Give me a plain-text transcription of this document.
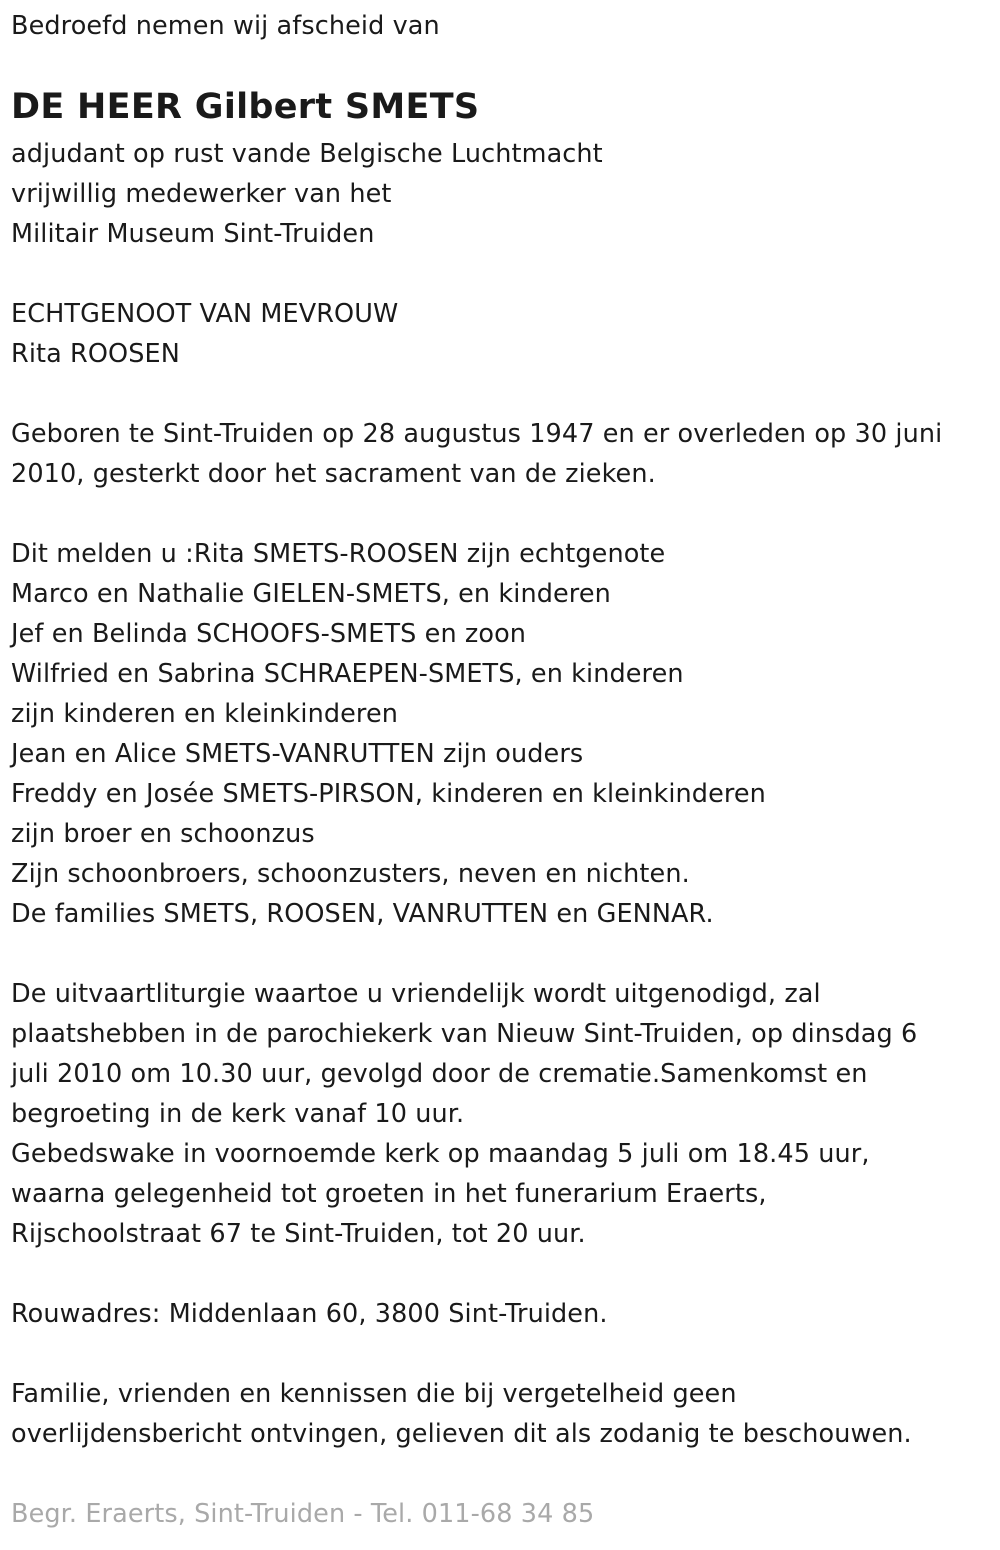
Bedroefd nemen wij afscheid van
DE HEER Gilbert SMETS
adjudant op rust vande Belgische Luchtmacht
vrijwillig medewerker van het
Militair Museum Sint-Truiden
ECHTGENOOT VAN MEVROUW
Rita ROOSEN
Geboren te Sint-Truiden op 28 augustus 1947 en er overleden op 30 juni
2010, gesterkt door het sacrament van de zieken.
Dit melden u :Rita SMETS-ROOSEN zijn echtgenote
Marco en Nathalie GIELEN-SMETS, en kinderen
Jef en Belinda SCHOOFS-SMETS en zoon
Wilfried en Sabrina SCHRAEPEN-SMETS, en kinderen
zijn kinderen en kleinkinderen
Jean en Alice SMETS-VANRUTTEN zijn ouders
Freddy en Josée SMETS-PIRSON, kinderen en kleinkinderen
zijn broer en schoonzus
Zijn schoonbroers, schoonzusters, neven en nichten.
De families SMETS, ROOSEN, VANRUTTEN en GENNAR.
De uitvaartliturgie waartoe u vriendelijk wordt uitgenodigd, zal
plaatshebben in de parochiekerk van Nieuw Sint-Truiden, op dinsdag 6
juli 2010 om 10.30 uur, gevolgd door de crematie.Samenkomst en
begroeting in de kerk vanaf 10 uur.
Gebedswake in voornoemde kerk op maandag 5 juli om 18.45 uur,
waarna gelegenheid tot groeten in het funerarium Eraerts,
Rijschoolstraat 67 te Sint-Truiden, tot 20 uur.
Rouwadres: Middenlaan 60, 3800 Sint-Truiden.
Familie, vrienden en kennissen die bij vergetelheid geen
overlijdensbericht ontvingen, gelieven dit als zodanig te beschouwen.
Begr. Eraerts, Sint-Truiden - Tel. 011-68 34 85
